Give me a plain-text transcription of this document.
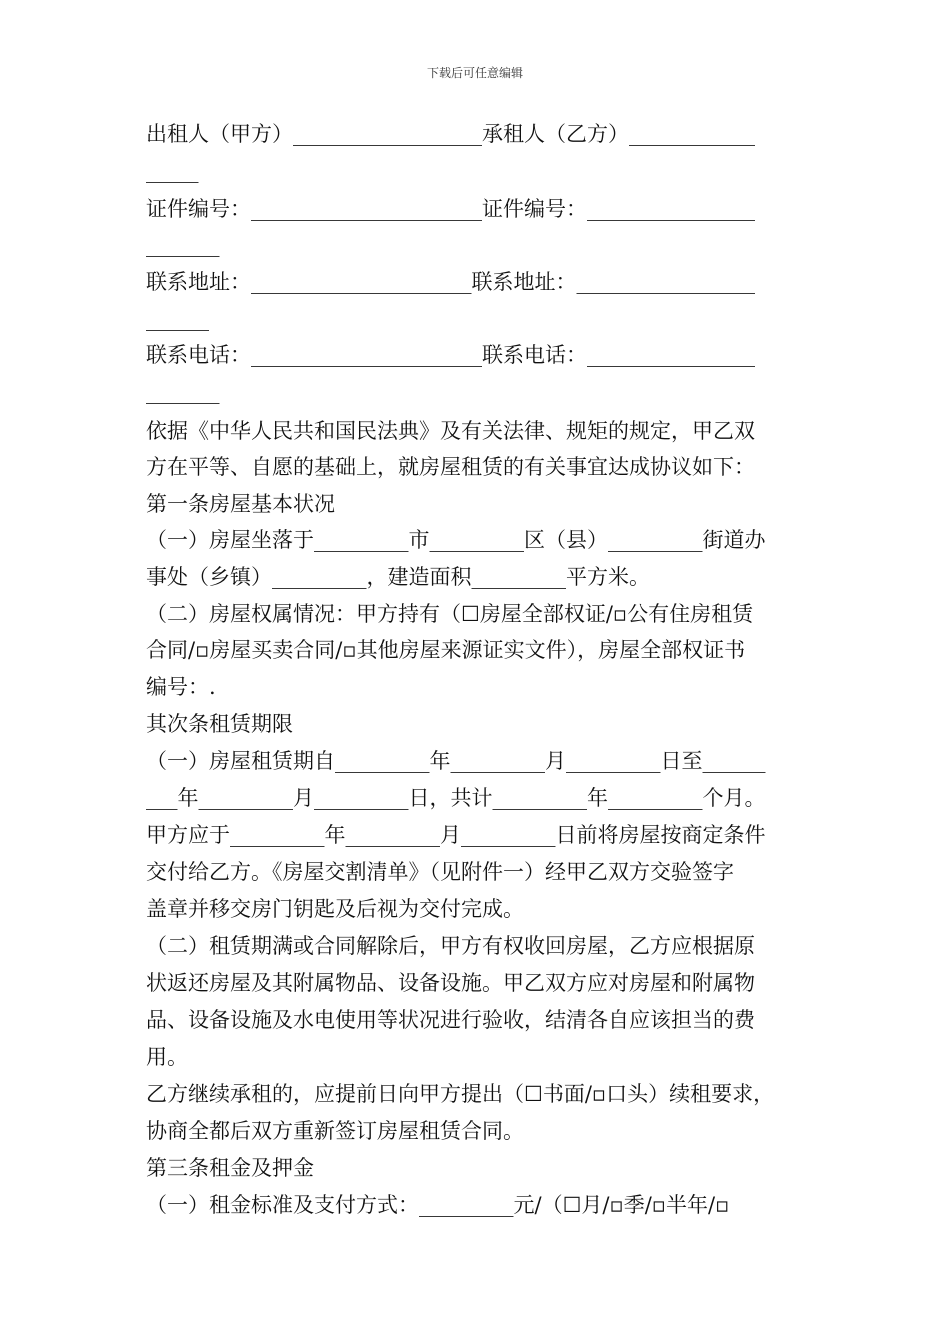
下载后可任意编辑
出租人（甲方）__________________承租人（乙方）____________
_____
证件编号：______________________证件编号：________________
_______
联系地址：_____________________联系地址：_________________
______
联系电话：______________________联系电话：________________
_______
依据《中华人民共和国民法典》及有关法律、规矩的规定，甲乙双
方在平等、自愿的基础上，就房屋租赁的有关事宜达成协议如下：
第一条房屋基本状况
（一）房屋坐落于_________市_________区（县）_________街道办
事处（乡镇）_________，建造面积_________平方米。
（二）房屋权属情况：甲方持有（☐房屋全部权证/▫公有住房租赁
合同/▫房屋买卖合同/▫其他房屋来源证实文件），房屋全部权证书
编号：.
其次条租赁期限
（一）房屋租赁期自_________年_________月_________日至______
___年_________月_________日，共计_________年_________个月。
甲方应于_________年_________月_________日前将房屋按商定条件
交付给乙方。《房屋交割清单》（见附件一）经甲乙双方交验签字
盖章并移交房门钥匙及后视为交付完成。
（二）租赁期满或合同解除后，甲方有权收回房屋，乙方应根据原
状返还房屋及其附属物品、设备设施。甲乙双方应对房屋和附属物
品、设备设施及水电使用等状况进行验收，结清各自应该担当的费
用。
乙方继续承租的，应提前日向甲方提出（☐书面/▫口头）续租要求，
协商全都后双方重新签订房屋租赁合同。
第三条租金及押金
（一）租金标准及支付方式：_________元/（☐月/▫季/▫半年/▫
